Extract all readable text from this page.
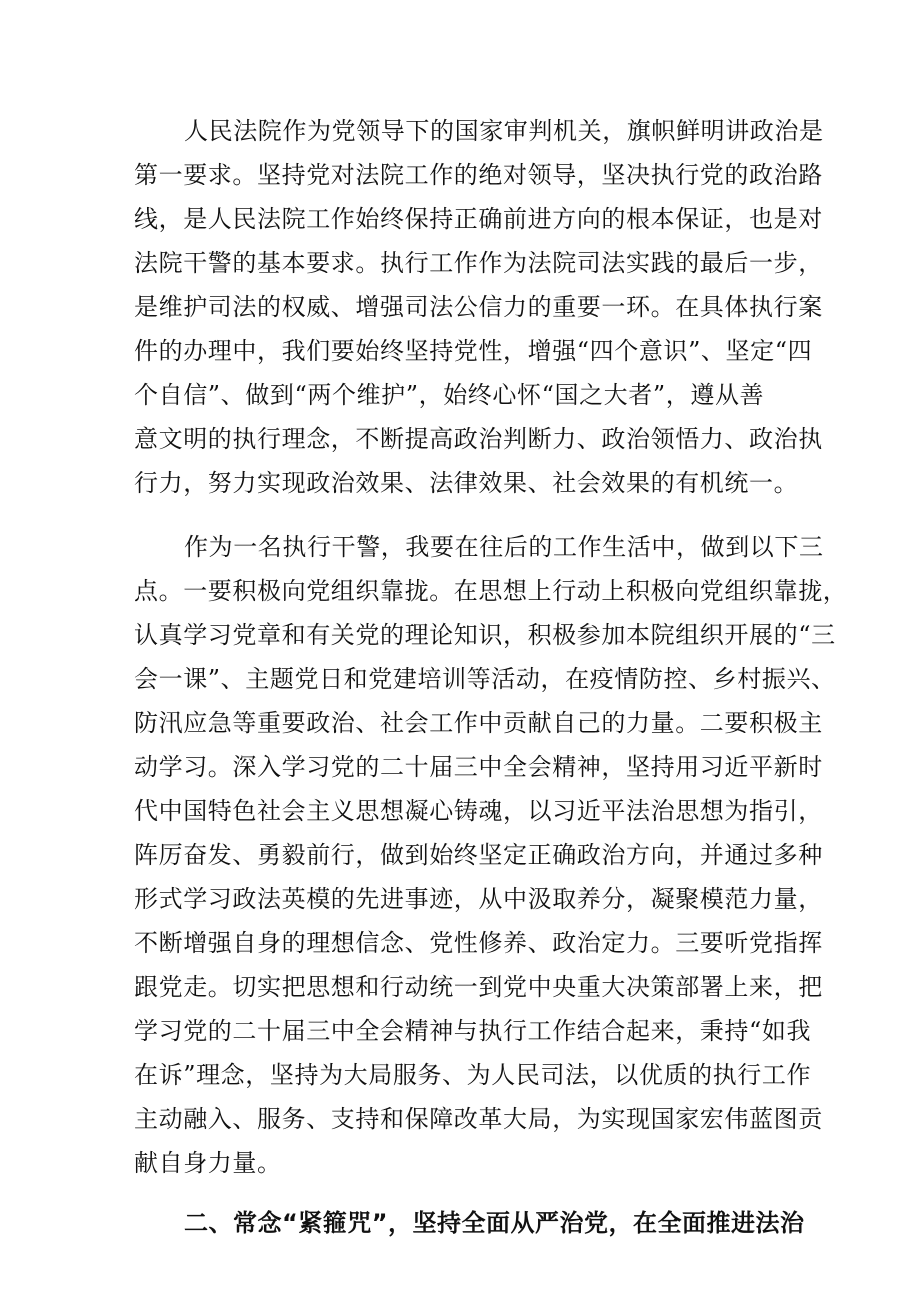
人民法院作为党领导下的国家审判机关，旗帜鲜明讲政治是
第一要求。坚持党对法院工作的绝对领导，坚决执行党的政治路
线，是人民法院工作始终保持正确前进方向的根本保证，也是对
法院干警的基本要求。执行工作作为法院司法实践的最后一步，
是维护司法的权威、增强司法公信力的重要一环。在具体执行案
件的办理中，我们要始终坚持党性，增强“四个意识”、坚定“四
个自信”、做到“两个维护”，始终心怀“国之大者”，遵从善
意文明的执行理念，不断提高政治判断力、政治领悟力、政治执
行力，努力实现政治效果、法律效果、社会效果的有机统一。
作为一名执行干警，我要在往后的工作生活中，做到以下三
点。一要积极向党组织靠拢。在思想上行动上积极向党组织靠拢，
认真学习党章和有关党的理论知识，积极参加本院组织开展的“三
会一课”、主题党日和党建培训等活动，在疫情防控、乡村振兴、
防汛应急等重要政治、社会工作中贡献自己的力量。二要积极主
动学习。深入学习党的二十届三中全会精神，坚持用习近平新时
代中国特色社会主义思想凝心铸魂，以习近平法治思想为指引，
阵厉奋发、勇毅前行，做到始终坚定正确政治方向，并通过多种
形式学习政法英模的先进事迹，从中汲取养分，凝聚模范力量，
不断增强自身的理想信念、党性修养、政治定力。三要听党指挥
跟党走。切实把思想和行动统一到党中央重大决策部署上来，把
学习党的二十届三中全会精神与执行工作结合起来，秉持“如我
在诉”理念，坚持为大局服务、为人民司法，以优质的执行工作
主动融入、服务、支持和保障改革大局，为实现国家宏伟蓝图贡
献自身力量。
二、常念“紧箍咒”，坚持全面从严治党，在全面推进法治
